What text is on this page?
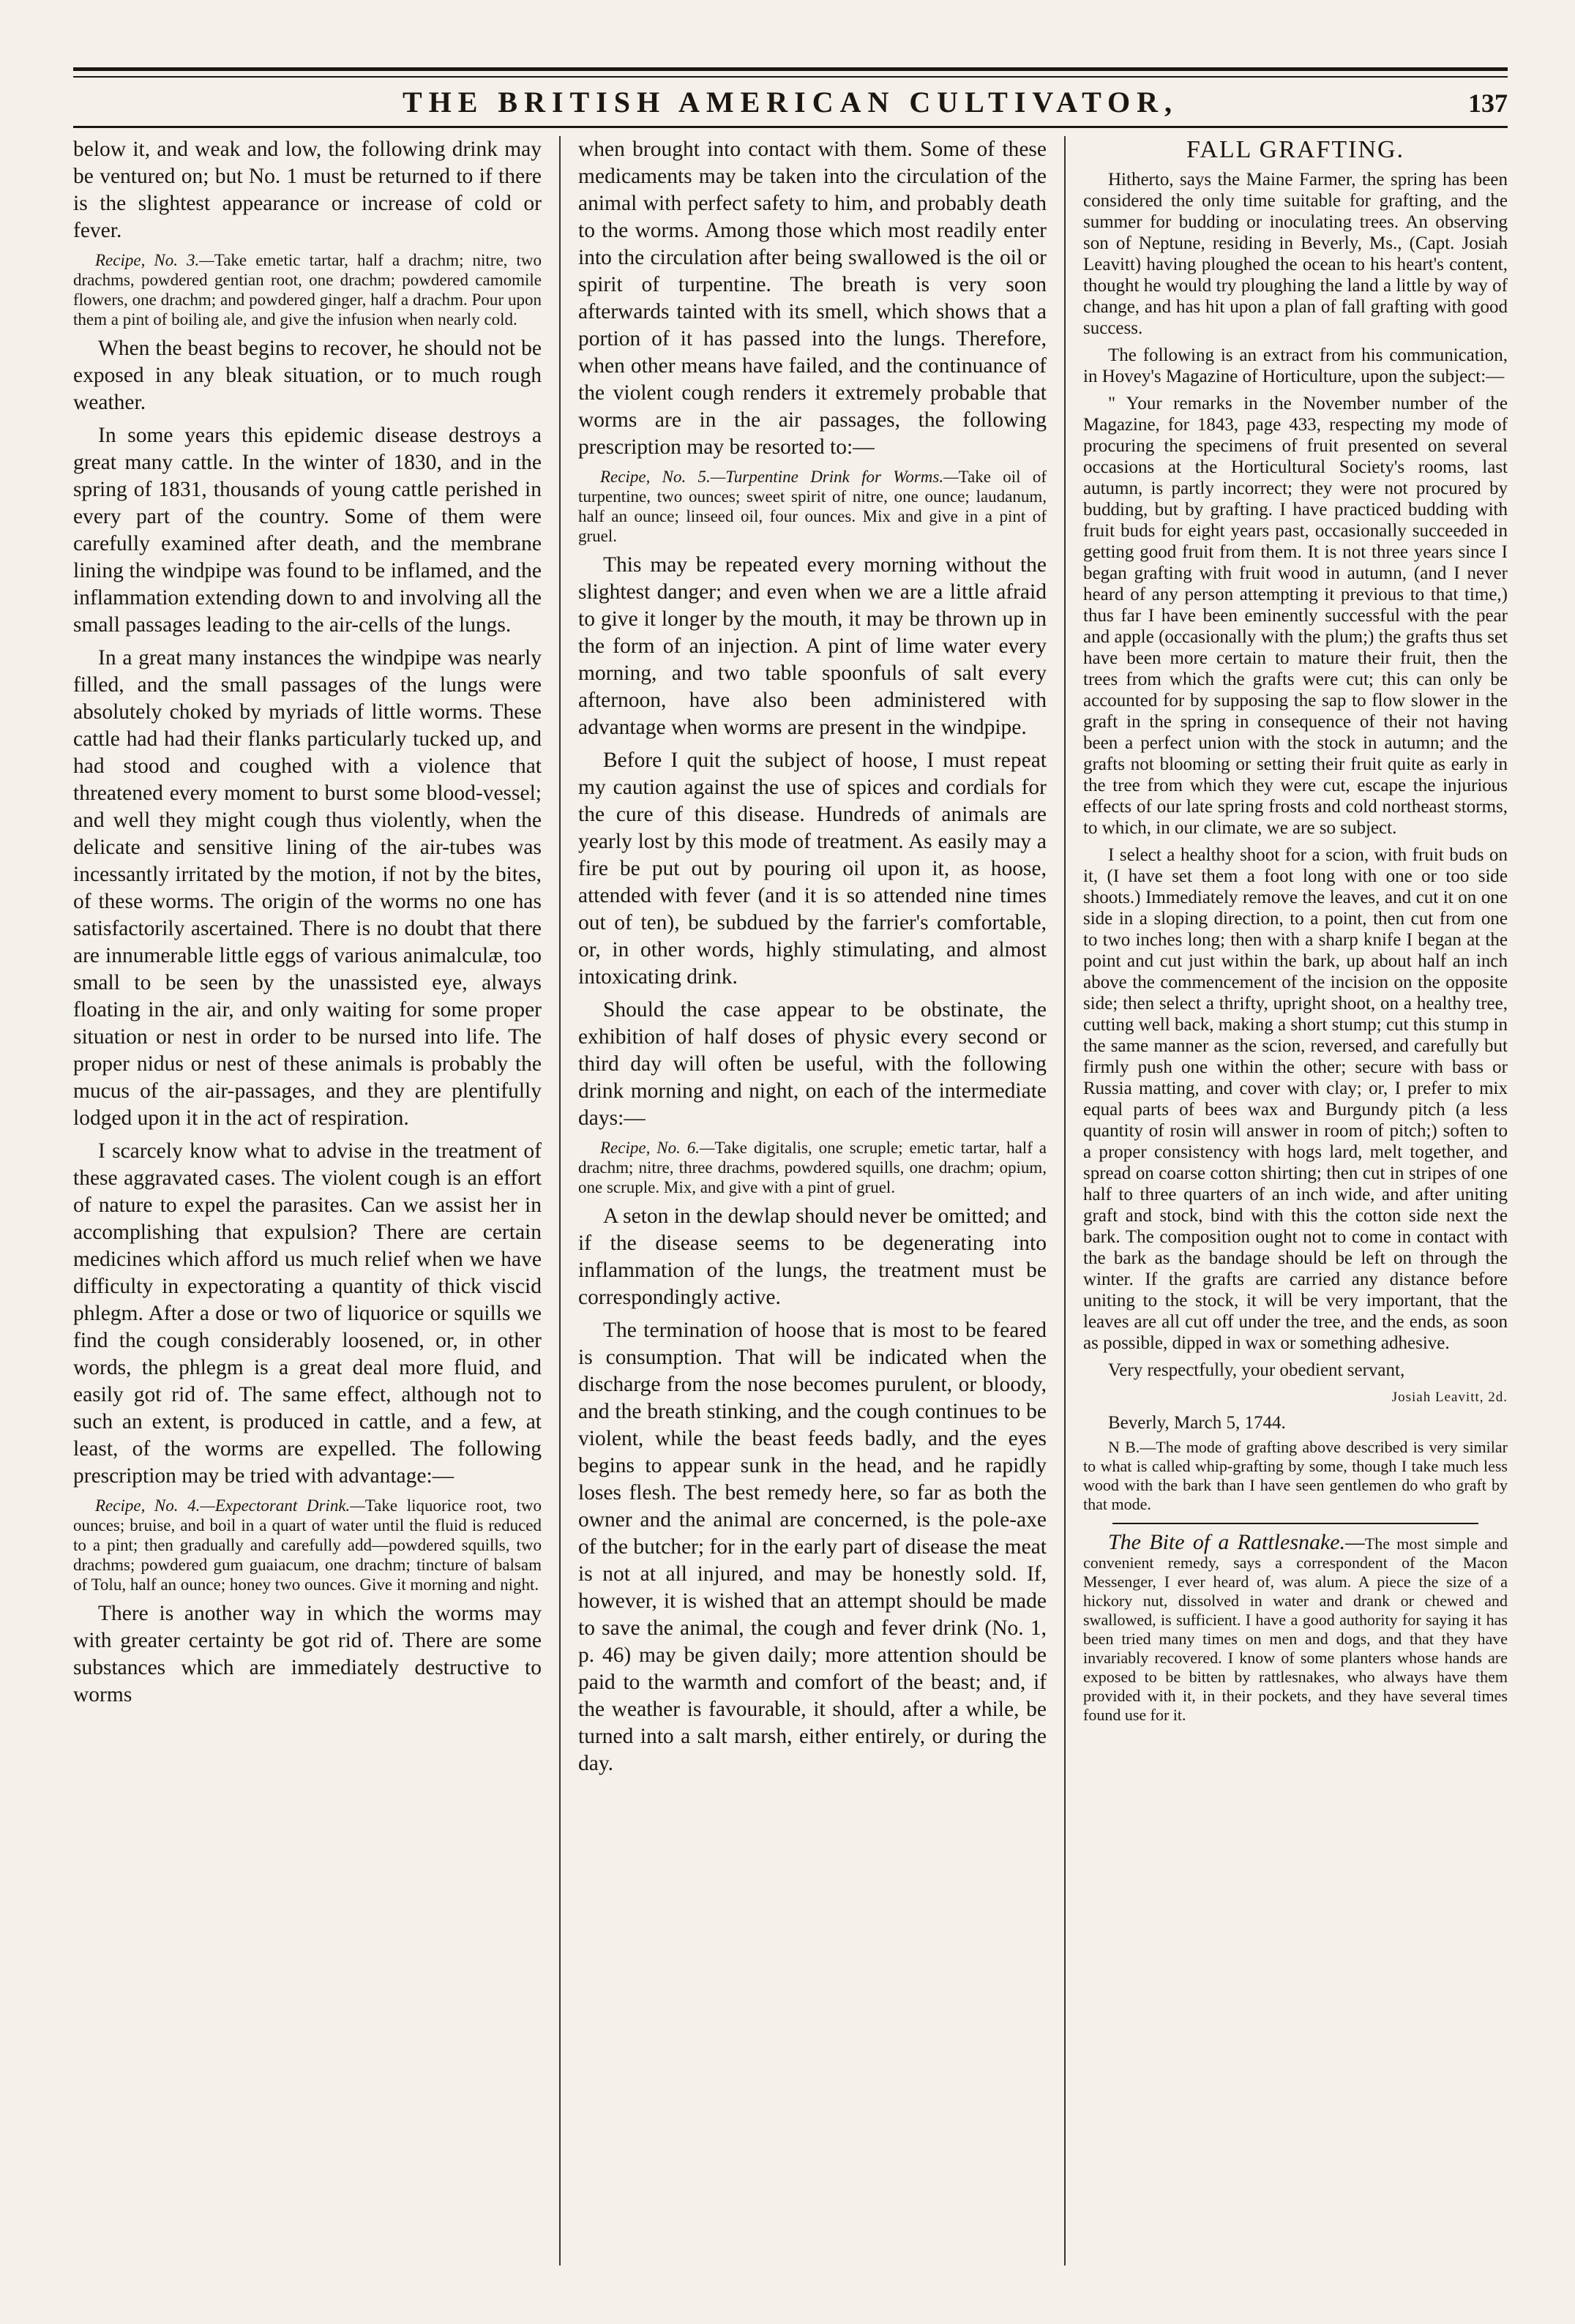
THE BRITISH AMERICAN CULTIVATOR,	137

below it, and weak and low, the following drink may be ventured on; but No. 1 must be returned to if there is the slightest appearance or increase of cold or fever.

Recipe, No. 3.—Take emetic tartar, half a drachm; nitre, two drachms, powdered gentian root, one drachm; powdered camomile flowers, one drachm; and powdered ginger, half a drachm. Pour upon them a pint of boiling ale, and give the infusion when nearly cold.

When the beast begins to recover, he should not be exposed in any bleak situation, or to much rough weather.

In some years this epidemic disease destroys a great many cattle. In the winter of 1830, and in the spring of 1831, thousands of young cattle perished in every part of the country. Some of them were carefully examined after death, and the membrane lining the windpipe was found to be inflamed, and the inflammation extending down to and involving all the small passages leading to the air-cells of the lungs.

In a great many instances the windpipe was nearly filled, and the small passages of the lungs were absolutely choked by myriads of little worms. These cattle had had their flanks particularly tucked up, and had stood and coughed with a violence that threatened every moment to burst some blood-vessel; and well they might cough thus violently, when the delicate and sensitive lining of the air-tubes was incessantly irritated by the motion, if not by the bites, of these worms. The origin of the worms no one has satisfactorily ascertained. There is no doubt that there are innumerable little eggs of various animalculæ, too small to be seen by the unassisted eye, always floating in the air, and only waiting for some proper situation or nest in order to be nursed into life. The proper nidus or nest of these animals is probably the mucus of the air-passages, and they are plentifully lodged upon it in the act of respiration.

I scarcely know what to advise in the treatment of these aggravated cases. The violent cough is an effort of nature to expel the parasites. Can we assist her in accomplishing that expulsion? There are certain medicines which afford us much relief when we have difficulty in expectorating a quantity of thick viscid phlegm. After a dose or two of liquorice or squills we find the cough considerably loosened, or, in other words, the phlegm is a great deal more fluid, and easily got rid of. The same effect, although not to such an extent, is produced in cattle, and a few, at least, of the worms are expelled. The following prescription may be tried with advantage:—

Recipe, No. 4.—Expectorant Drink.—Take liquorice root, two ounces; bruise, and boil in a quart of water until the fluid is reduced to a pint; then gradually and carefully add—powdered squills, two drachms; powdered gum guaiacum, one drachm; tincture of balsam of Tolu, half an ounce; honey two ounces. Give it morning and night.

There is another way in which the worms may with greater certainty be got rid of. There are some substances which are immediately destructive to worms

when brought into contact with them. Some of these medicaments may be taken into the circulation of the animal with perfect safety to him, and probably death to the worms. Among those which most readily enter into the circulation after being swallowed is the oil or spirit of turpentine. The breath is very soon afterwards tainted with its smell, which shows that a portion of it has passed into the lungs. Therefore, when other means have failed, and the continuance of the violent cough renders it extremely probable that worms are in the air passages, the following prescription may be resorted to:—

Recipe, No. 5.—Turpentine Drink for Worms.—Take oil of turpentine, two ounces; sweet spirit of nitre, one ounce; laudanum, half an ounce; linseed oil, four ounces. Mix and give in a pint of gruel.

This may be repeated every morning without the slightest danger; and even when we are a little afraid to give it longer by the mouth, it may be thrown up in the form of an injection. A pint of lime water every morning, and two table spoonfuls of salt every afternoon, have also been administered with advantage when worms are present in the windpipe.

Before I quit the subject of hoose, I must repeat my caution against the use of spices and cordials for the cure of this disease. Hundreds of animals are yearly lost by this mode of treatment. As easily may a fire be put out by pouring oil upon it, as hoose, attended with fever (and it is so attended nine times out of ten), be subdued by the farrier's comfortable, or, in other words, highly stimulating, and almost intoxicating drink.

Should the case appear to be obstinate, the exhibition of half doses of physic every second or third day will often be useful, with the following drink morning and night, on each of the intermediate days:—

Recipe, No. 6.—Take digitalis, one scruple; emetic tartar, half a drachm; nitre, three drachms, powdered squills, one drachm; opium, one scruple. Mix, and give with a pint of gruel.

A seton in the dewlap should never be omitted; and if the disease seems to be degenerating into inflammation of the lungs, the treatment must be correspondingly active.

The termination of hoose that is most to be feared is consumption. That will be indicated when the discharge from the nose becomes purulent, or bloody, and the breath stinking, and the cough continues to be violent, while the beast feeds badly, and the eyes begins to appear sunk in the head, and he rapidly loses flesh. The best remedy here, so far as both the owner and the animal are concerned, is the pole-axe of the butcher; for in the early part of disease the meat is not at all injured, and may be honestly sold. If, however, it is wished that an attempt should be made to save the animal, the cough and fever drink (No. 1, p. 46) may be given daily; more attention should be paid to the warmth and comfort of the beast; and, if the weather is favourable, it should, after a while, be turned into a salt marsh, either entirely, or during the day.

FALL GRAFTING.

Hitherto, says the Maine Farmer, the spring has been considered the only time suitable for grafting, and the summer for budding or inoculating trees. An observing son of Neptune, residing in Beverly, Ms., (Capt. Josiah Leavitt) having ploughed the ocean to his heart's content, thought he would try ploughing the land a little by way of change, and has hit upon a plan of fall grafting with good success.

The following is an extract from his communication, in Hovey's Magazine of Horticulture, upon the subject:—

" Your remarks in the November number of the Magazine, for 1843, page 433, respecting my mode of procuring the specimens of fruit presented on several occasions at the Horticultural Society's rooms, last autumn, is partly incorrect; they were not procured by budding, but by grafting. I have practiced budding with fruit buds for eight years past, occasionally succeeded in getting good fruit from them. It is not three years since I began grafting with fruit wood in autumn, (and I never heard of any person attempting it previous to that time,) thus far I have been eminently successful with the pear and apple (occasionally with the plum;) the grafts thus set have been more certain to mature their fruit, then the trees from which the grafts were cut; this can only be accounted for by supposing the sap to flow slower in the graft in the spring in consequence of their not having been a perfect union with the stock in autumn; and the grafts not blooming or setting their fruit quite as early in the tree from which they were cut, escape the injurious effects of our late spring frosts and cold northeast storms, to which, in our climate, we are so subject.

I select a healthy shoot for a scion, with fruit buds on it, (I have set them a foot long with one or too side shoots.) Immediately remove the leaves, and cut it on one side in a sloping direction, to a point, then cut from one to two inches long; then with a sharp knife I began at the point and cut just within the bark, up about half an inch above the commencement of the incision on the opposite side; then select a thrifty, upright shoot, on a healthy tree, cutting well back, making a short stump; cut this stump in the same manner as the scion, reversed, and carefully but firmly push one within the other; secure with bass or Russia matting, and cover with clay; or, I prefer to mix equal parts of bees wax and Burgundy pitch (a less quantity of rosin will answer in room of pitch;) soften to a proper consistency with hogs lard, melt together, and spread on coarse cotton shirting; then cut in stripes of one half to three quarters of an inch wide, and after uniting graft and stock, bind with this the cotton side next the bark. The composition ought not to come in contact with the bark as the bandage should be left on through the winter. If the grafts are carried any distance before uniting to the stock, it will be very important, that the leaves are all cut off under the tree, and the ends, as soon as possible, dipped in wax or something adhesive.

Very respectfully, your obedient servant,

Josiah Leavitt, 2d.
Beverly, March 5, 1744.

N B.—The mode of grafting above described is very similar to what is called whip-grafting by some, though I take much less wood with the bark than I have seen gentlemen do who graft by that mode.

The Bite of a Rattlesnake.—The most simple and convenient remedy, says a correspondent of the Macon Messenger, I ever heard of, was alum. A piece the size of a hickory nut, dissolved in water and drank or chewed and swallowed, is sufficient. I have a good authority for saying it has been tried many times on men and dogs, and that they have invariably recovered. I know of some planters whose hands are exposed to be bitten by rattlesnakes, who always have them provided with it, in their pockets, and they have several times found use for it.
